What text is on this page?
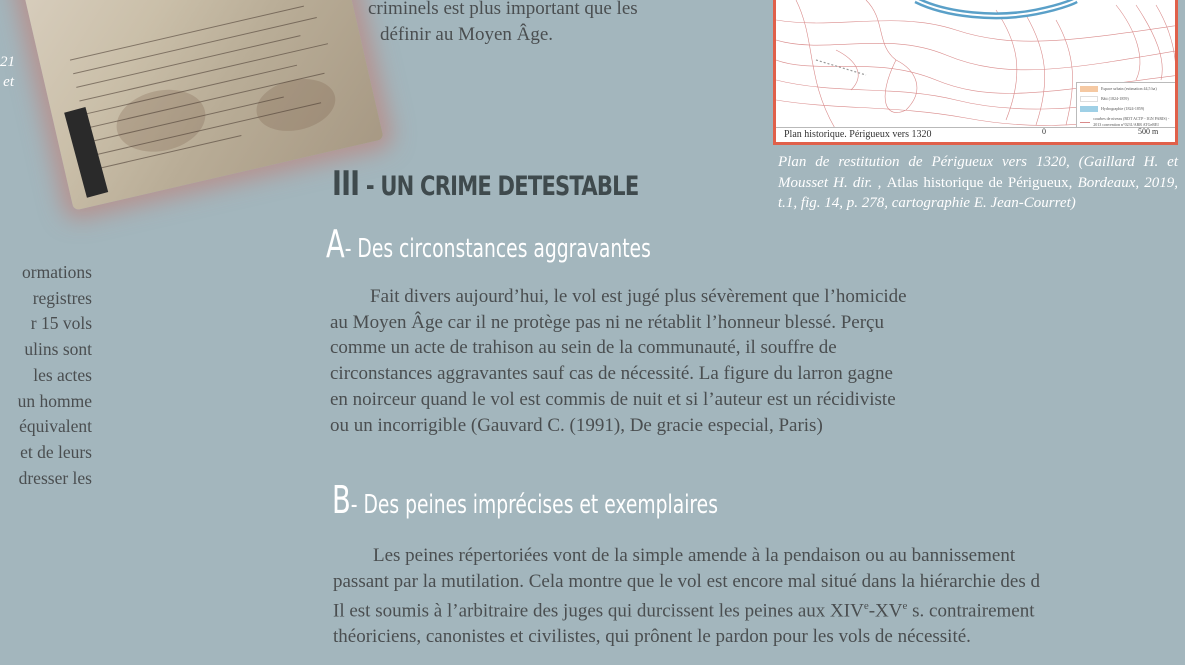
21
et
ormations
registres
r 15 vols
ulins sont
les actes
un homme
équivalent
et de leurs
dresser les
criminels est plus important que les
définir au Moyen Âge.
Espace urbain (estimation 44,5 ha)
Bâti (1824-1859)
Hydrographie (1824-1859)
courbes de niveau (BDT ACTP - IGN PARIS) - 2013 convention n°0231/ARR ATGeREI
Plan historique. Périgueux vers 1320	0	500 m
Plan de restitution de Périgueux vers 1320, (Gaillard H. et Mousset H. dir. , Atlas historique de Périgueux, Bordeaux, 2019, t.1, fig. 14, p. 278, cartographie E. Jean-Courret)
III - UN CRIME DETESTABLE
A- Des circonstances aggravantes
Fait divers aujourd’hui, le vol est jugé plus sévèrement que l’homicide
au Moyen Âge car il ne protège pas ni ne rétablit l’honneur blessé. Perçu
comme un acte de trahison au sein de la communauté, il souffre de
circonstances aggravantes sauf cas de nécessité. La figure du larron gagne
en noirceur quand le vol est commis de nuit et si l’auteur est un récidiviste
ou un incorrigible (Gauvard C. (1991), De gracie especial, Paris)
B- Des peines imprécises et exemplaires
Les peines répertoriées vont de la simple amende à la pendaison ou au bannissement
passant par la mutilation. Cela montre que le vol est encore mal situé dans la hiérarchie des d
Il est soumis à l’arbitraire des juges qui durcissent les peines aux XIVe-XVe s. contrairement
théoriciens, canonistes et civilistes, qui prônent le pardon pour les vols de nécessité.
